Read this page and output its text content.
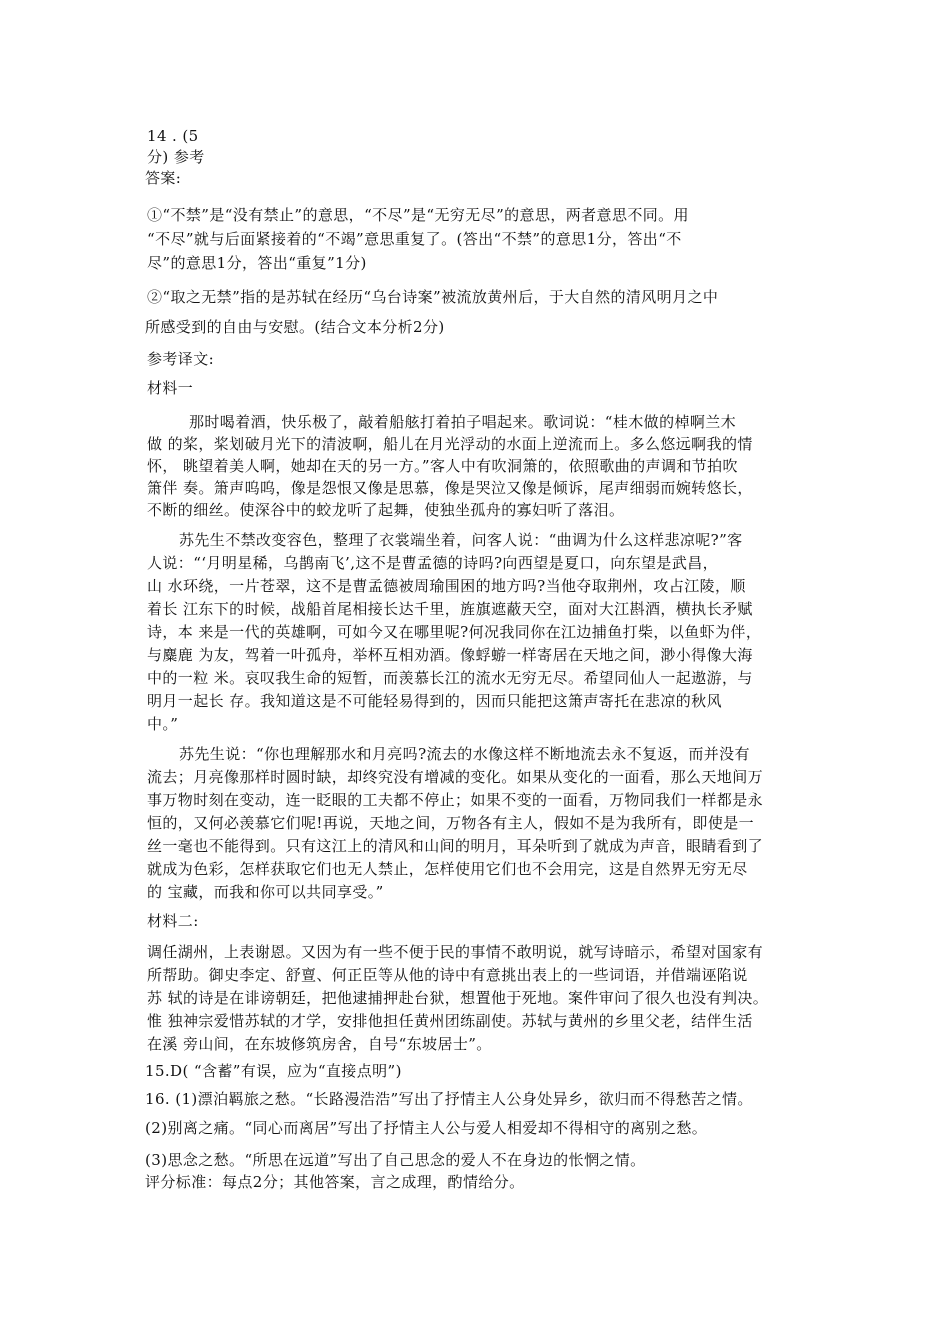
14 . (5
分) 参考
答案:
①“不禁”是“没有禁止”的意思，“不尽”是“无穷无尽”的意思，两者意思不同。用
“不尽”就与后面紧接着的“不竭”意思重复了。(答出“不禁”的意思1分，答出“不
尽”的意思1分，答出“重复”1分)
②“取之无禁”指的是苏轼在经历“乌台诗案”被流放黄州后，于大自然的清风明月之中
所感受到的自由与安慰。(结合文本分析2分)
参考译文:
材料一
那时喝着酒，快乐极了，敲着船舷打着拍子唱起来。歌词说：“桂木做的棹啊兰木
做 的桨，桨划破月光下的清波啊，船儿在月光浮动的水面上逆流而上。多么悠远啊我的情
怀， 眺望着美人啊，她却在天的另一方。”客人中有吹洞箫的，依照歌曲的声调和节拍吹
箫伴 奏。箫声呜呜，像是怨恨又像是思慕，像是哭泣又像是倾诉，尾声细弱而婉转悠长，
不断的细丝。使深谷中的蛟龙听了起舞，使独坐孤舟的寡妇听了落泪。
苏先生不禁改变容色，整理了衣裳端坐着，问客人说：“曲调为什么这样悲凉呢?”客
人说：“‘月明星稀，乌鹊南飞’,这不是曹孟德的诗吗?向西望是夏口，向东望是武昌，
山 水环绕，一片苍翠，这不是曹孟德被周瑜围困的地方吗?当他夺取荆州，攻占江陵，顺
着长 江东下的时候，战船首尾相接长达千里，旌旗遮蔽天空，面对大江斟酒，横执长矛赋
诗，本 来是一代的英雄啊，可如今又在哪里呢?何况我同你在江边捕鱼打柴，以鱼虾为伴，
与麋鹿 为友，驾着一叶孤舟，举杯互相劝酒。像蜉蝣一样寄居在天地之间，渺小得像大海
中的一粒 米。哀叹我生命的短暂，而羡慕长江的流水无穷无尽。希望同仙人一起遨游，与
明月一起长 存。我知道这是不可能轻易得到的，因而只能把这箫声寄托在悲凉的秋风
中。”
苏先生说：“你也理解那水和月亮吗?流去的水像这样不断地流去永不复返，而并没有
流去；月亮像那样时圆时缺，却终究没有增减的变化。如果从变化的一面看，那么天地间万
事万物时刻在变动，连一眨眼的工夫都不停止；如果不变的一面看，万物同我们一样都是永
恒的，又何必羡慕它们呢!再说，天地之间，万物各有主人，假如不是为我所有，即使是一
丝一毫也不能得到。只有这江上的清风和山间的明月，耳朵听到了就成为声音，眼睛看到了
就成为色彩，怎样获取它们也无人禁止，怎样使用它们也不会用完，这是自然界无穷无尽
的 宝藏，而我和你可以共同享受。”
材料二:
调任湖州，上表谢恩。又因为有一些不便于民的事情不敢明说，就写诗暗示，希望对国家有
所帮助。御史李定、舒亶、何正臣等从他的诗中有意挑出表上的一些词语，并借端诬陷说
苏 轼的诗是在诽谤朝廷，把他逮捕押赴台狱，想置他于死地。案件审问了很久也没有判决。
惟 独神宗爱惜苏轼的才学，安排他担任黄州团练副使。苏轼与黄州的乡里父老，结伴生活
在溪 旁山间，在东坡修筑房舍，自号“东坡居士”。
15.D( “含蓄”有误，应为“直接点明”)
16. (1)漂泊羁旅之愁。“长路漫浩浩”写出了抒情主人公身处异乡，欲归而不得愁苦之情。
(2)别离之痛。“同心而离居”写出了抒情主人公与爱人相爱却不得相守的离别之愁。
(3)思念之愁。“所思在远道”写出了自己思念的爱人不在身边的怅惘之情。
评分标准：每点2分；其他答案，言之成理，酌情给分。
